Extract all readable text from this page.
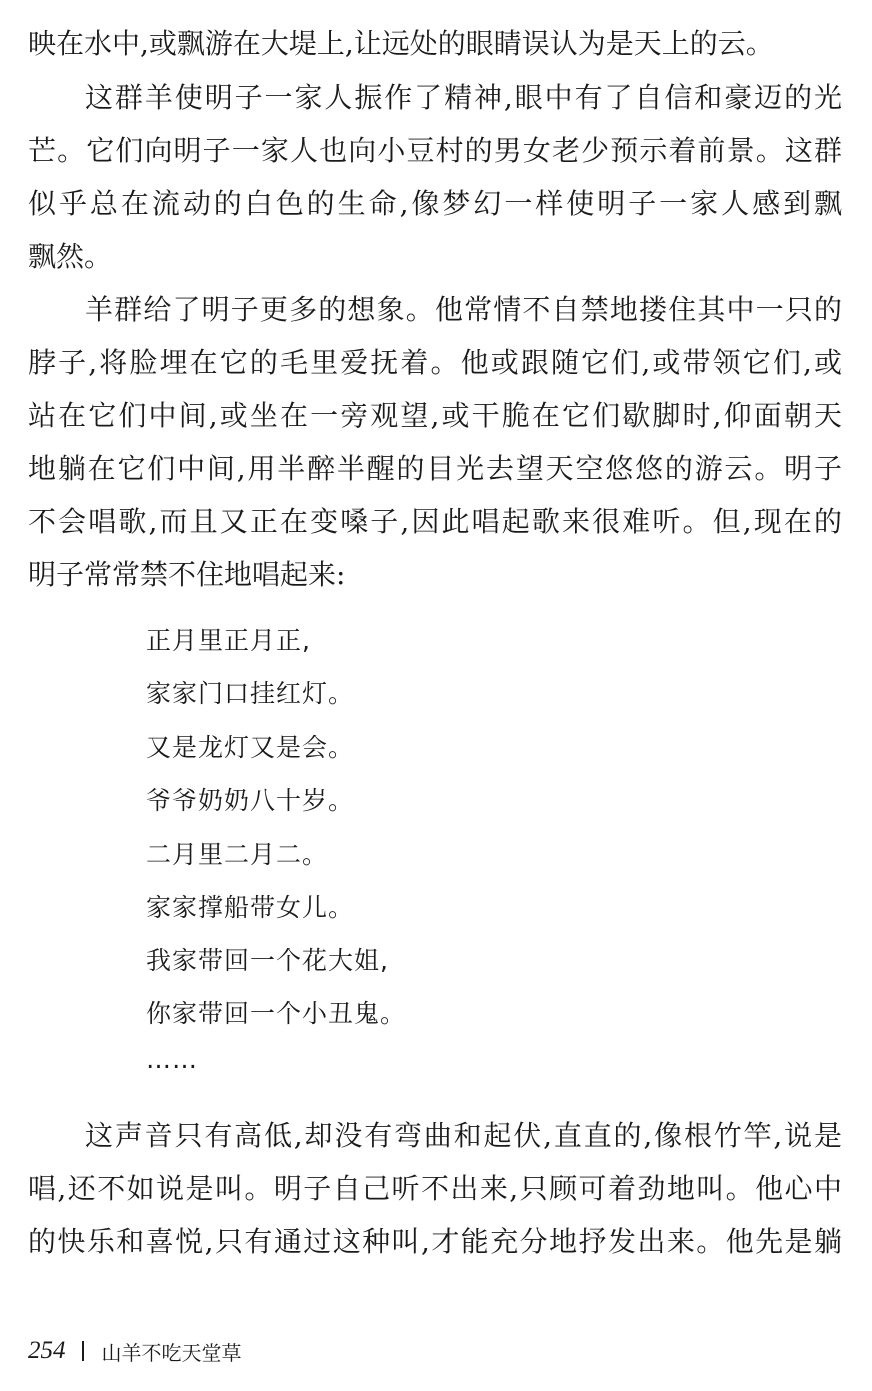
映在水中,或飘游在大堤上,让远处的眼睛误认为是天上的云。
这群羊使明子一家人振作了精神,眼中有了自信和豪迈的光
芒。它们向明子一家人也向小豆村的男女老少预示着前景。这群
似乎总在流动的白色的生命,像梦幻一样使明子一家人感到飘
飘然。
羊群给了明子更多的想象。他常情不自禁地搂住其中一只的
脖子,将脸埋在它的毛里爱抚着。他或跟随它们,或带领它们,或
站在它们中间,或坐在一旁观望,或干脆在它们歇脚时,仰面朝天
地躺在它们中间,用半醉半醒的目光去望天空悠悠的游云。明子
不会唱歌,而且又正在变嗓子,因此唱起歌来很难听。但,现在的
明子常常禁不住地唱起来:
正月里正月正,
家家门口挂红灯。
又是龙灯又是会。
爷爷奶奶八十岁。
二月里二月二。
家家撑船带女儿。
我家带回一个花大姐,
你家带回一个小丑鬼。
……
这声音只有高低,却没有弯曲和起伏,直直的,像根竹竿,说是
唱,还不如说是叫。明子自己听不出来,只顾可着劲地叫。他心中
的快乐和喜悦,只有通过这种叫,才能充分地抒发出来。他先是躺
254 山羊不吃天堂草
